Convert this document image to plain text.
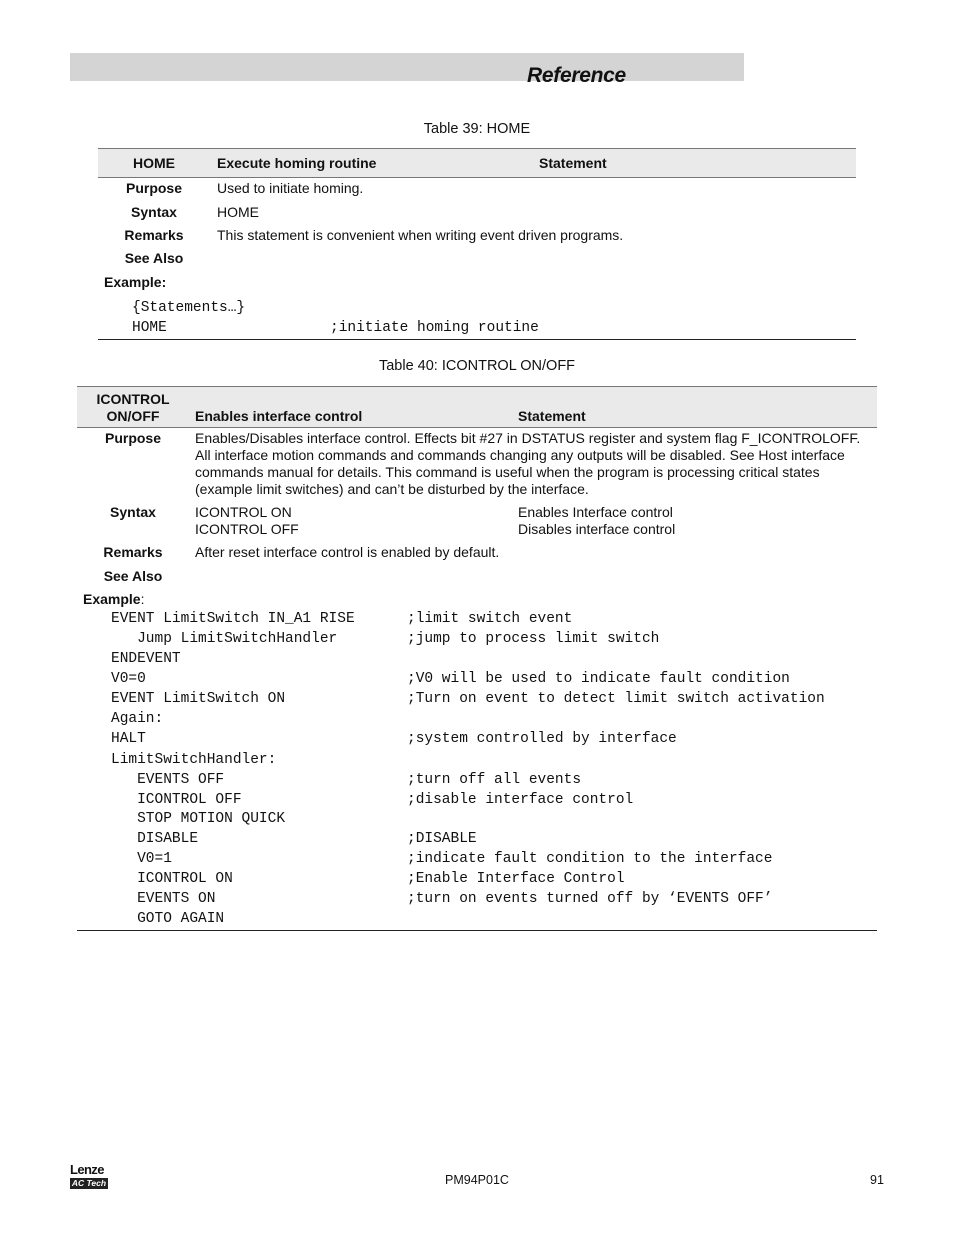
Reference
Table 39: HOME
HOME	Execute homing routine	Statement
Purpose	Used to initiate homing.
Syntax	HOME
Remarks	This statement is convenient when writing event driven programs.
See Also
Example:
{Statements…}
HOME	;initiate homing routine
Table 40: ICONTROL ON/OFF
ICONTROL
ON/OFF	Enables interface control	Statement
Purpose	Enables/Disables interface control. Effects bit #27 in DSTATUS register and system flag F_ICONTROLOFF.
All interface motion commands and commands changing any outputs will be disabled. See Host interface
commands manual for details. This command is useful when the program is processing critical states
(example limit switches) and can’t be disturbed by the interface.
Syntax	ICONTROL ON	Enables Interface control
ICONTROL OFF	Disables interface control
Remarks	After reset interface control is enabled by default.
See Also
Example:
EVENT LimitSwitch IN_A1 RISE	;limit switch event
Jump LimitSwitchHandler	;jump to process limit switch
ENDEVENT
V0=0	;V0 will be used to indicate fault condition
EVENT LimitSwitch ON	;Turn on event to detect limit switch activation
Again:
HALT	;system controlled by interface
LimitSwitchHandler:
EVENTS OFF	;turn off all events
ICONTROL OFF	;disable interface control
STOP MOTION QUICK
DISABLE	;DISABLE
V0=1	;indicate fault condition to the interface
ICONTROL ON	;Enable Interface Control
EVENTS ON	;turn on events turned off by ‘EVENTS OFF’
GOTO AGAIN
Lenze
AC Tech	PM94P01C	91
